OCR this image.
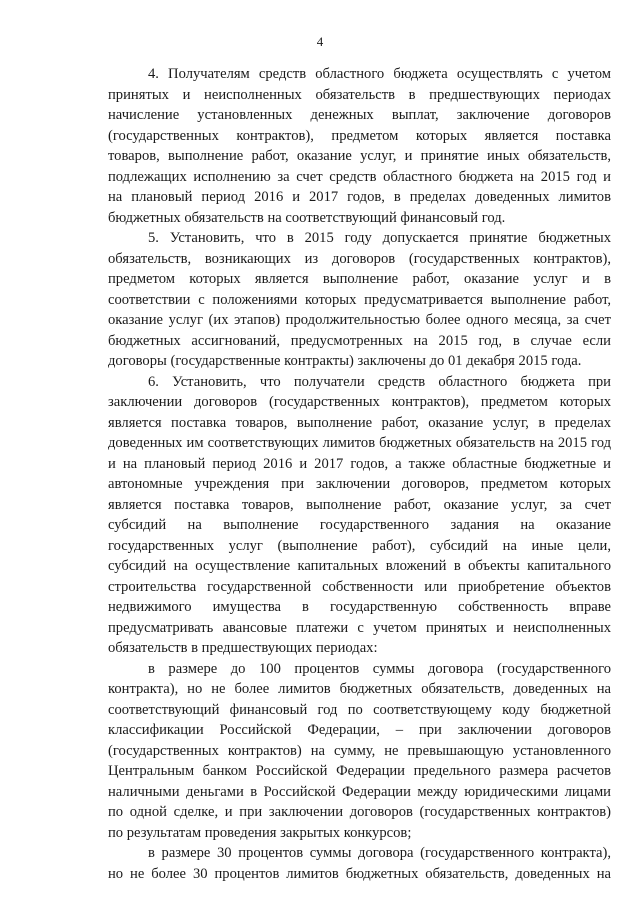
4
4. Получателям средств областного бюджета осуществлять с учетом
принятых и неисполненных обязательств в предшествующих периодах
начисление установленных денежных выплат, заключение договоров
(государственных контрактов), предметом которых является поставка
товаров, выполнение работ, оказание услуг, и принятие иных обязательств,
подлежащих исполнению за счет средств областного бюджета на 2015 год и
на плановый период 2016 и 2017 годов, в пределах доведенных лимитов
бюджетных обязательств на соответствующий финансовый год.
5. Установить, что в 2015 году допускается принятие бюджетных
обязательств, возникающих из договоров (государственных контрактов),
предметом которых является выполнение работ, оказание услуг и в
соответствии с положениями которых предусматривается выполнение работ,
оказание услуг (их этапов) продолжительностью более одного месяца, за счет
бюджетных ассигнований, предусмотренных на 2015 год, в случае если
договоры (государственные контракты) заключены до 01 декабря 2015 года.
6. Установить, что получатели средств областного бюджета при
заключении договоров (государственных контрактов), предметом которых
является поставка товаров, выполнение работ, оказание услуг, в пределах
доведенных им соответствующих лимитов бюджетных обязательств на 2015 год
и на плановый период 2016 и 2017 годов, а также областные бюджетные и
автономные учреждения при заключении договоров, предметом которых
является поставка товаров, выполнение работ, оказание услуг, за счет
субсидий на выполнение государственного задания на оказание
государственных услуг (выполнение работ), субсидий на иные цели,
субсидий на осуществление капитальных вложений в объекты капитального
строительства государственной собственности или приобретение объектов
недвижимого имущества в государственную собственность вправе
предусматривать авансовые платежи с учетом принятых и неисполненных
обязательств в предшествующих периодах:
в размере до 100 процентов суммы договора (государственного
контракта), но не более лимитов бюджетных обязательств, доведенных на
соответствующий финансовый год по соответствующему коду бюджетной
классификации Российской Федерации, – при заключении договоров
(государственных контрактов) на сумму, не превышающую установленного
Центральным банком Российской Федерации предельного размера расчетов
наличными деньгами в Российской Федерации между юридическими лицами
по одной сделке, и при заключении договоров (государственных контрактов)
по результатам проведения закрытых конкурсов;
в размере 30 процентов суммы договора (государственного контракта),
но не более 30 процентов лимитов бюджетных обязательств, доведенных на
